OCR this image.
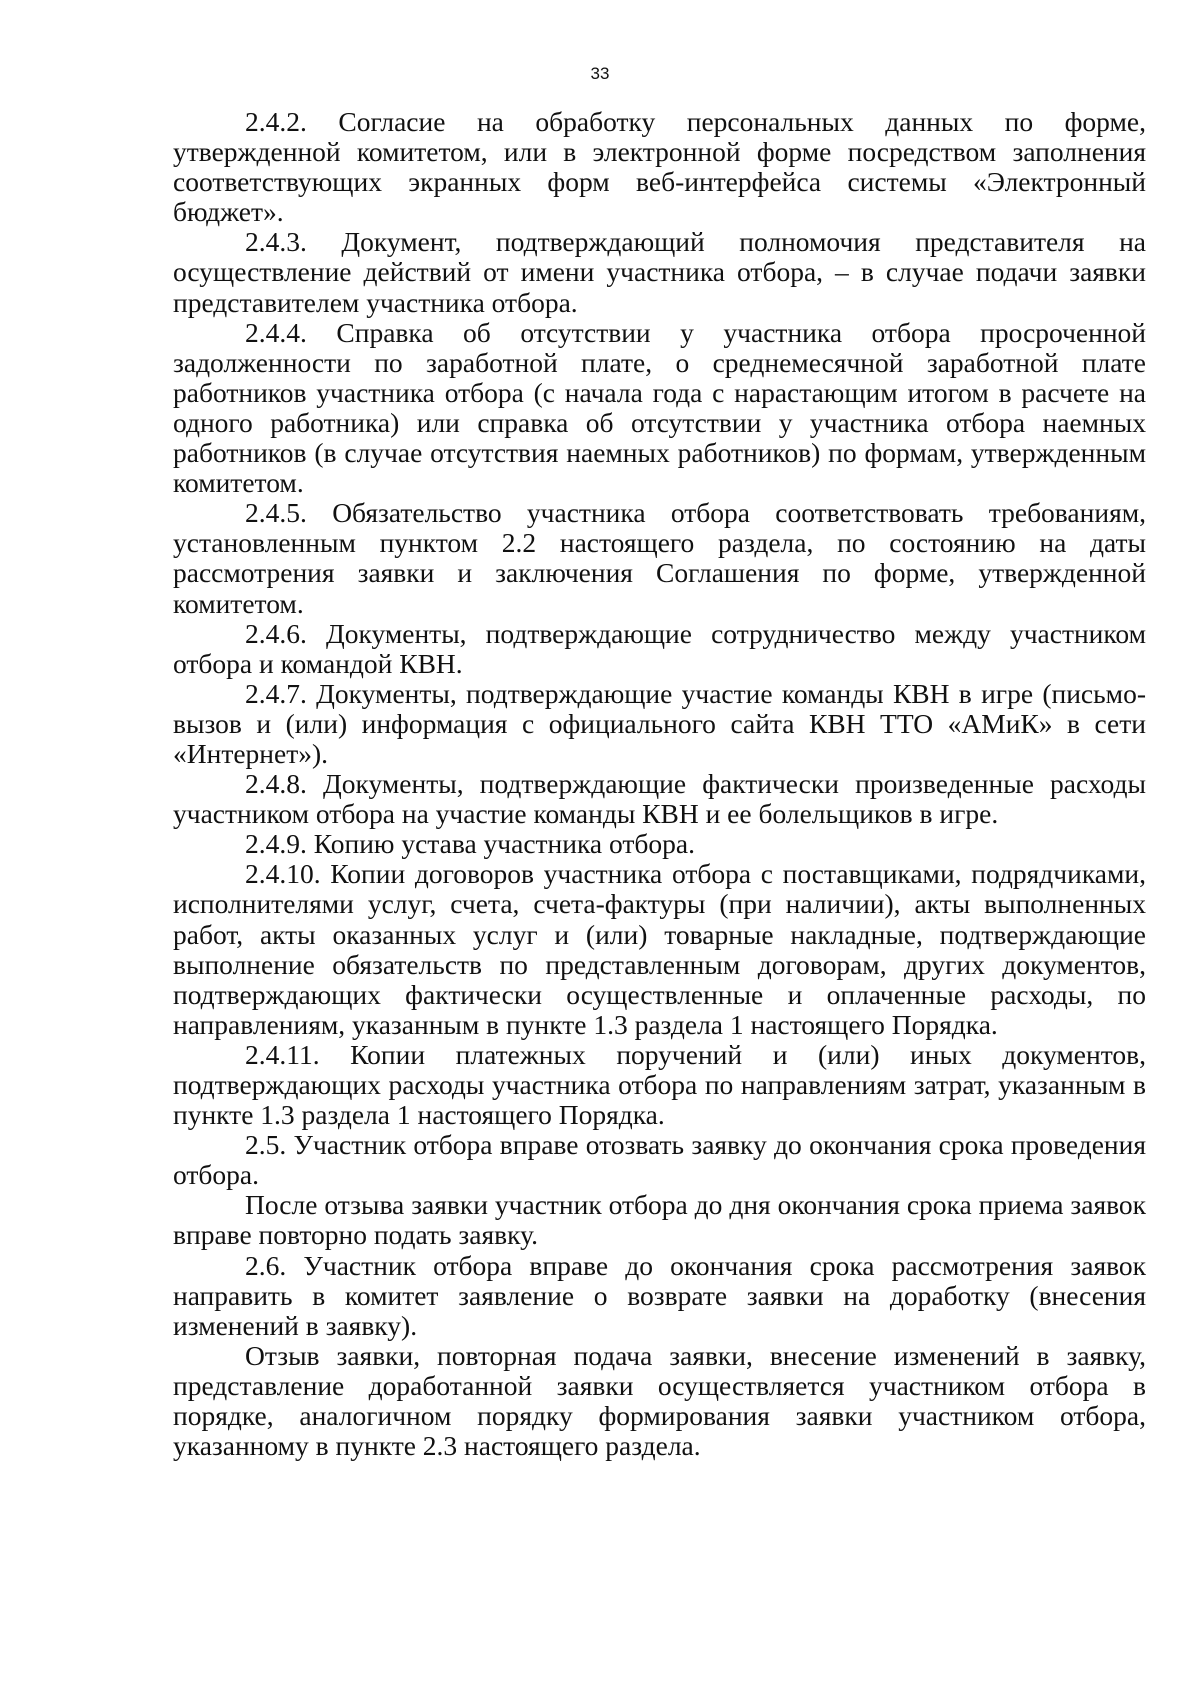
33

2.4.2. Согласие на обработку персональных данных по форме, утвержденной комитетом, или в электронной форме посредством заполнения соответствующих экранных форм веб-интерфейса системы «Электронный бюджет».

2.4.3. Документ, подтверждающий полномочия представителя на осуществление действий от имени участника отбора, – в случае подачи заявки представителем участника отбора.

2.4.4. Справка об отсутствии у участника отбора просроченной задолженности по заработной плате, о среднемесячной заработной плате работников участника отбора (с начала года с нарастающим итогом в расчете на одного работника) или справка об отсутствии у участника отбора наемных работников (в случае отсутствия наемных работников) по формам, утвержденным комитетом.

2.4.5. Обязательство участника отбора соответствовать требованиям, установленным пунктом 2.2 настоящего раздела, по состоянию на даты рассмотрения заявки и заключения Соглашения по форме, утвержденной комитетом.

2.4.6. Документы, подтверждающие сотрудничество между участником отбора и командой КВН.

2.4.7. Документы, подтверждающие участие команды КВН в игре (письмо-вызов и (или) информация с официального сайта КВН ТТО «АМиК» в сети «Интернет»).

2.4.8. Документы, подтверждающие фактически произведенные расходы участником отбора на участие команды КВН и ее болельщиков в игре.

2.4.9. Копию устава участника отбора.

2.4.10. Копии договоров участника отбора с поставщиками, подрядчиками, исполнителями услуг, счета, счета-фактуры (при наличии), акты выполненных работ, акты оказанных услуг и (или) товарные накладные, подтверждающие выполнение обязательств по представленным договорам, других документов, подтверждающих фактически осуществленные и оплаченные расходы, по направлениям, указанным в пункте 1.3 раздела 1 настоящего Порядка.

2.4.11. Копии платежных поручений и (или) иных документов, подтверждающих расходы участника отбора по направлениям затрат, указанным в пункте 1.3 раздела 1 настоящего Порядка.

2.5. Участник отбора вправе отозвать заявку до окончания срока проведения отбора.

После отзыва заявки участник отбора до дня окончания срока приема заявок вправе повторно подать заявку.

2.6. Участник отбора вправе до окончания срока рассмотрения заявок направить в комитет заявление о возврате заявки на доработку (внесения изменений в заявку).

Отзыв заявки, повторная подача заявки, внесение изменений в заявку, представление доработанной заявки осуществляется участником отбора в порядке, аналогичном порядку формирования заявки участником отбора, указанному в пункте 2.3 настоящего раздела.
